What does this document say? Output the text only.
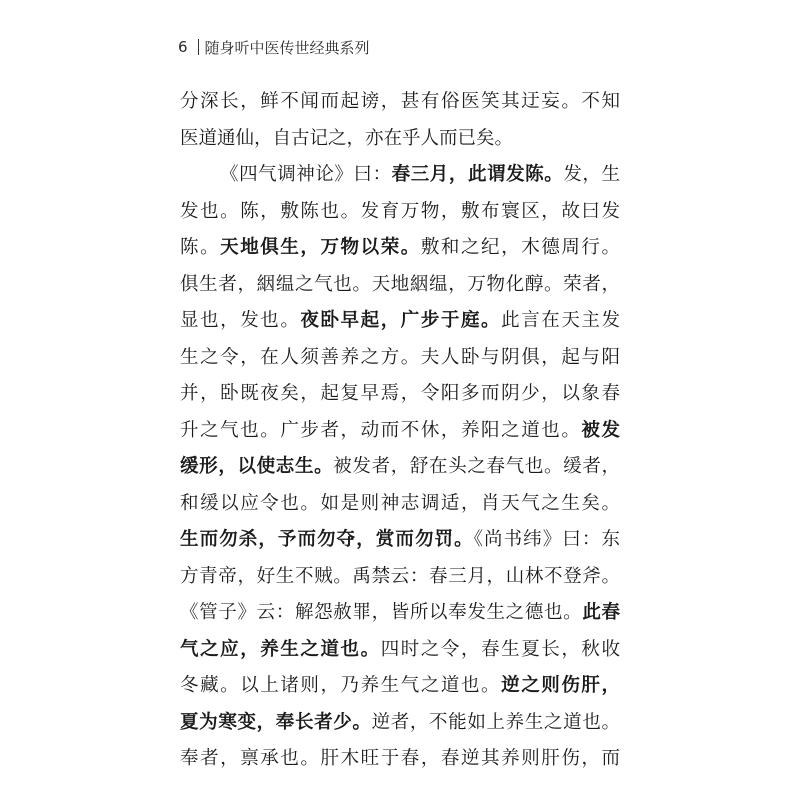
6 随身听中医传世经典系列
分深长，鲜不闻而起谤，甚有俗医笑其迂妄。不知
医道通仙，自古记之，亦在乎人而已矣。
《四气调神论》曰：春三月，此谓发陈。发，生
发也。陈，敷陈也。发育万物，敷布寰区，故曰发
陈。天地俱生，万物以荣。敷和之纪，木德周行。
俱生者，絪缊之气也。天地絪缊，万物化醇。荣者，
显也，发也。夜卧早起，广步于庭。此言在天主发
生之令，在人须善养之方。夫人卧与阴俱，起与阳
并，卧既夜矣，起复早焉，令阳多而阴少，以象春
升之气也。广步者，动而不休，养阳之道也。被发
缓形，以使志生。被发者，舒在头之春气也。缓者，
和缓以应令也。如是则神志调适，肖天气之生矣。
生而勿杀，予而勿夺，赏而勿罚。《尚书纬》曰：东
方青帝，好生不贼。禹禁云：春三月，山林不登斧。
《管子》云：解怨赦罪，皆所以奉发生之德也。此春
气之应，养生之道也。四时之令，春生夏长，秋收
冬藏。以上诸则，乃养生气之道也。逆之则伤肝，
夏为寒变，奉长者少。逆者，不能如上养生之道也。
奉者，禀承也。肝木旺于春，春逆其养则肝伤，而
